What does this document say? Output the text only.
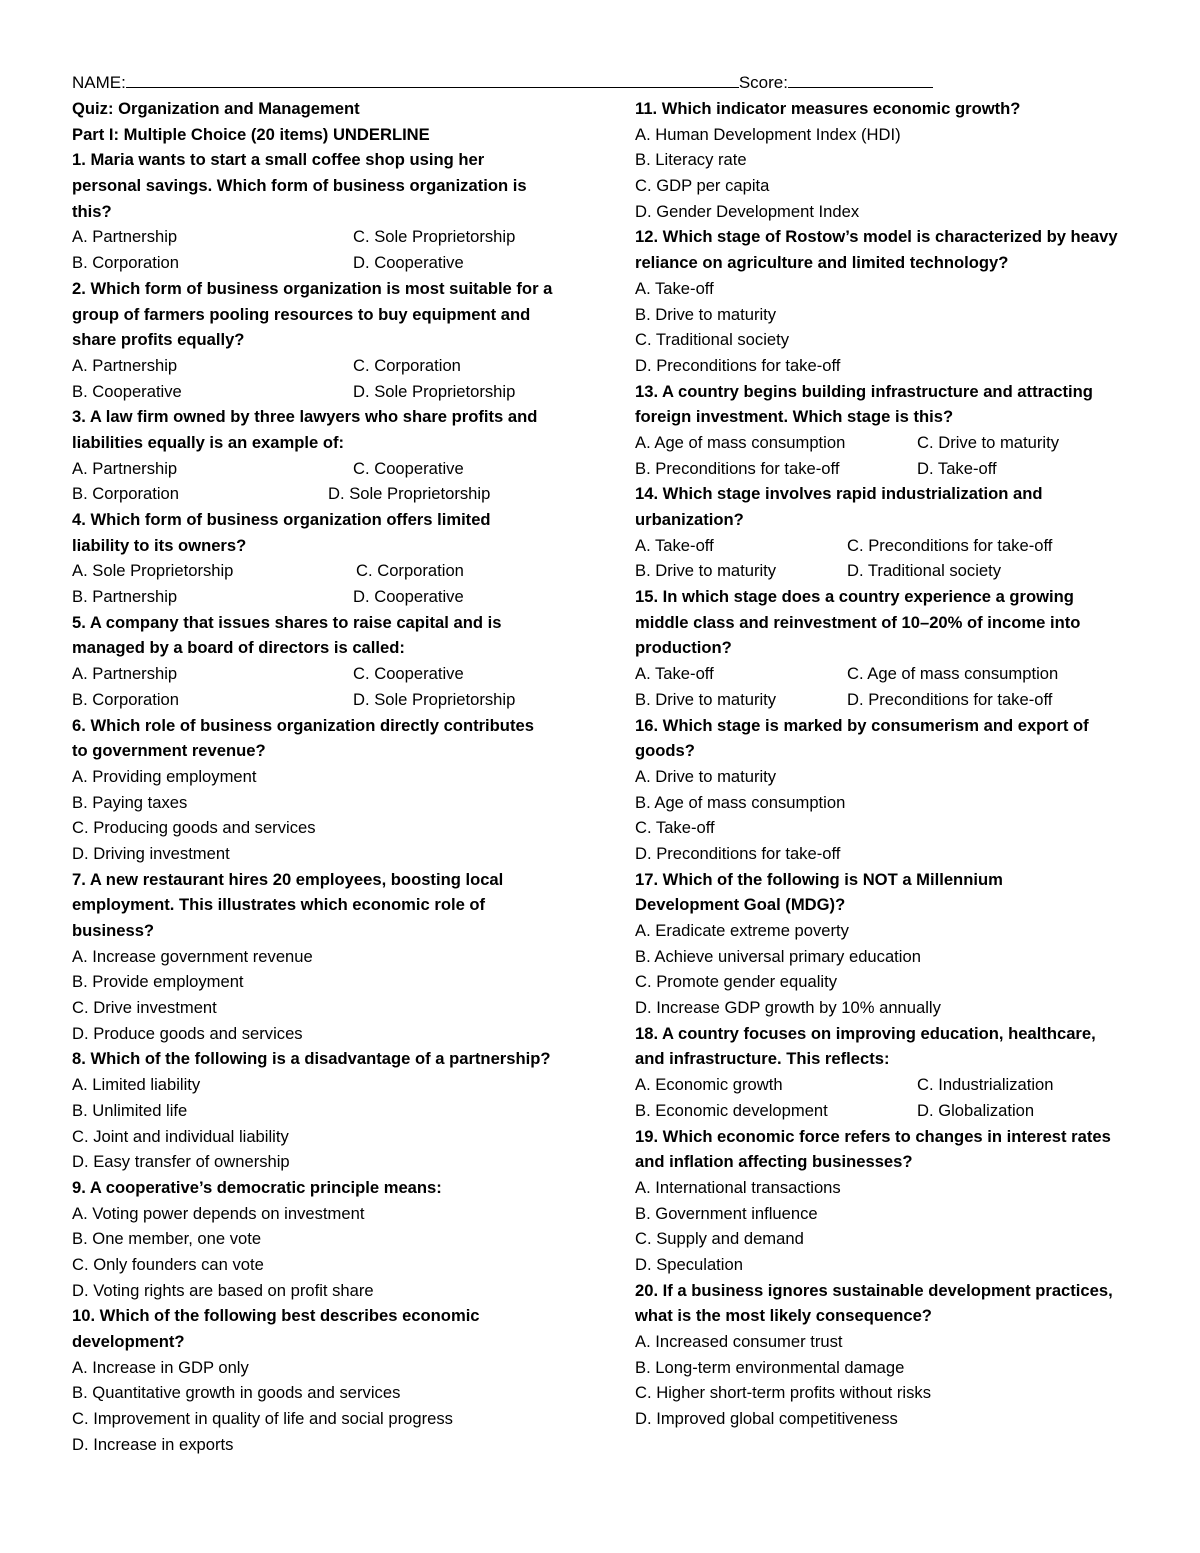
NAME:	Score:
Quiz: Organization and Management
Part I: Multiple Choice (20 items) UNDERLINE
1. Maria wants to start a small coffee shop using her
personal savings. Which form of business organization is
this?
A. Partnership	C. Sole Proprietorship
B. Corporation	D. Cooperative
2. Which form of business organization is most suitable for a
group of farmers pooling resources to buy equipment and
share profits equally?
A. Partnership	C. Corporation
B. Cooperative	D. Sole Proprietorship
3. A law firm owned by three lawyers who share profits and
liabilities equally is an example of:
A. Partnership	C. Cooperative
B. Corporation	D. Sole Proprietorship
4. Which form of business organization offers limited
liability to its owners?
A. Sole Proprietorship	C. Corporation
B. Partnership	D. Cooperative
5. A company that issues shares to raise capital and is
managed by a board of directors is called:
A. Partnership	C. Cooperative
B. Corporation	D. Sole Proprietorship
6. Which role of business organization directly contributes
to government revenue?
A. Providing employment
B. Paying taxes
C. Producing goods and services
D. Driving investment
7. A new restaurant hires 20 employees, boosting local
employment. This illustrates which economic role of
business?
A. Increase government revenue
B. Provide employment
C. Drive investment
D. Produce goods and services
8. Which of the following is a disadvantage of a partnership?
A. Limited liability
B. Unlimited life
C. Joint and individual liability
D. Easy transfer of ownership
9. A cooperative’s democratic principle means:
A. Voting power depends on investment
B. One member, one vote
C. Only founders can vote
D. Voting rights are based on profit share
10. Which of the following best describes economic
development?
A. Increase in GDP only
B. Quantitative growth in goods and services
C. Improvement in quality of life and social progress
D. Increase in exports
11. Which indicator measures economic growth?
A. Human Development Index (HDI)
B. Literacy rate
C. GDP per capita
D. Gender Development Index
12. Which stage of Rostow’s model is characterized by heavy
reliance on agriculture and limited technology?
A. Take-off
B. Drive to maturity
C. Traditional society
D. Preconditions for take-off
13. A country begins building infrastructure and attracting
foreign investment. Which stage is this?
A. Age of mass consumption	C. Drive to maturity
B. Preconditions for take-off	D. Take-off
14. Which stage involves rapid industrialization and
urbanization?
A. Take-off	C. Preconditions for take-off
B. Drive to maturity	D. Traditional society
15. In which stage does a country experience a growing
middle class and reinvestment of 10–20% of income into
production?
A. Take-off	C. Age of mass consumption
B. Drive to maturity	D. Preconditions for take-off
16. Which stage is marked by consumerism and export of
goods?
A. Drive to maturity
B. Age of mass consumption
C. Take-off
D. Preconditions for take-off
17. Which of the following is NOT a Millennium
Development Goal (MDG)?
A. Eradicate extreme poverty
B. Achieve universal primary education
C. Promote gender equality
D. Increase GDP growth by 10% annually
18. A country focuses on improving education, healthcare,
and infrastructure. This reflects:
A. Economic growth	C. Industrialization
B. Economic development	D. Globalization
19. Which economic force refers to changes in interest rates
and inflation affecting businesses?
A. International transactions
B. Government influence
C. Supply and demand
D. Speculation
20. If a business ignores sustainable development practices,
what is the most likely consequence?
A. Increased consumer trust
B. Long-term environmental damage
C. Higher short-term profits without risks
D. Improved global competitiveness
